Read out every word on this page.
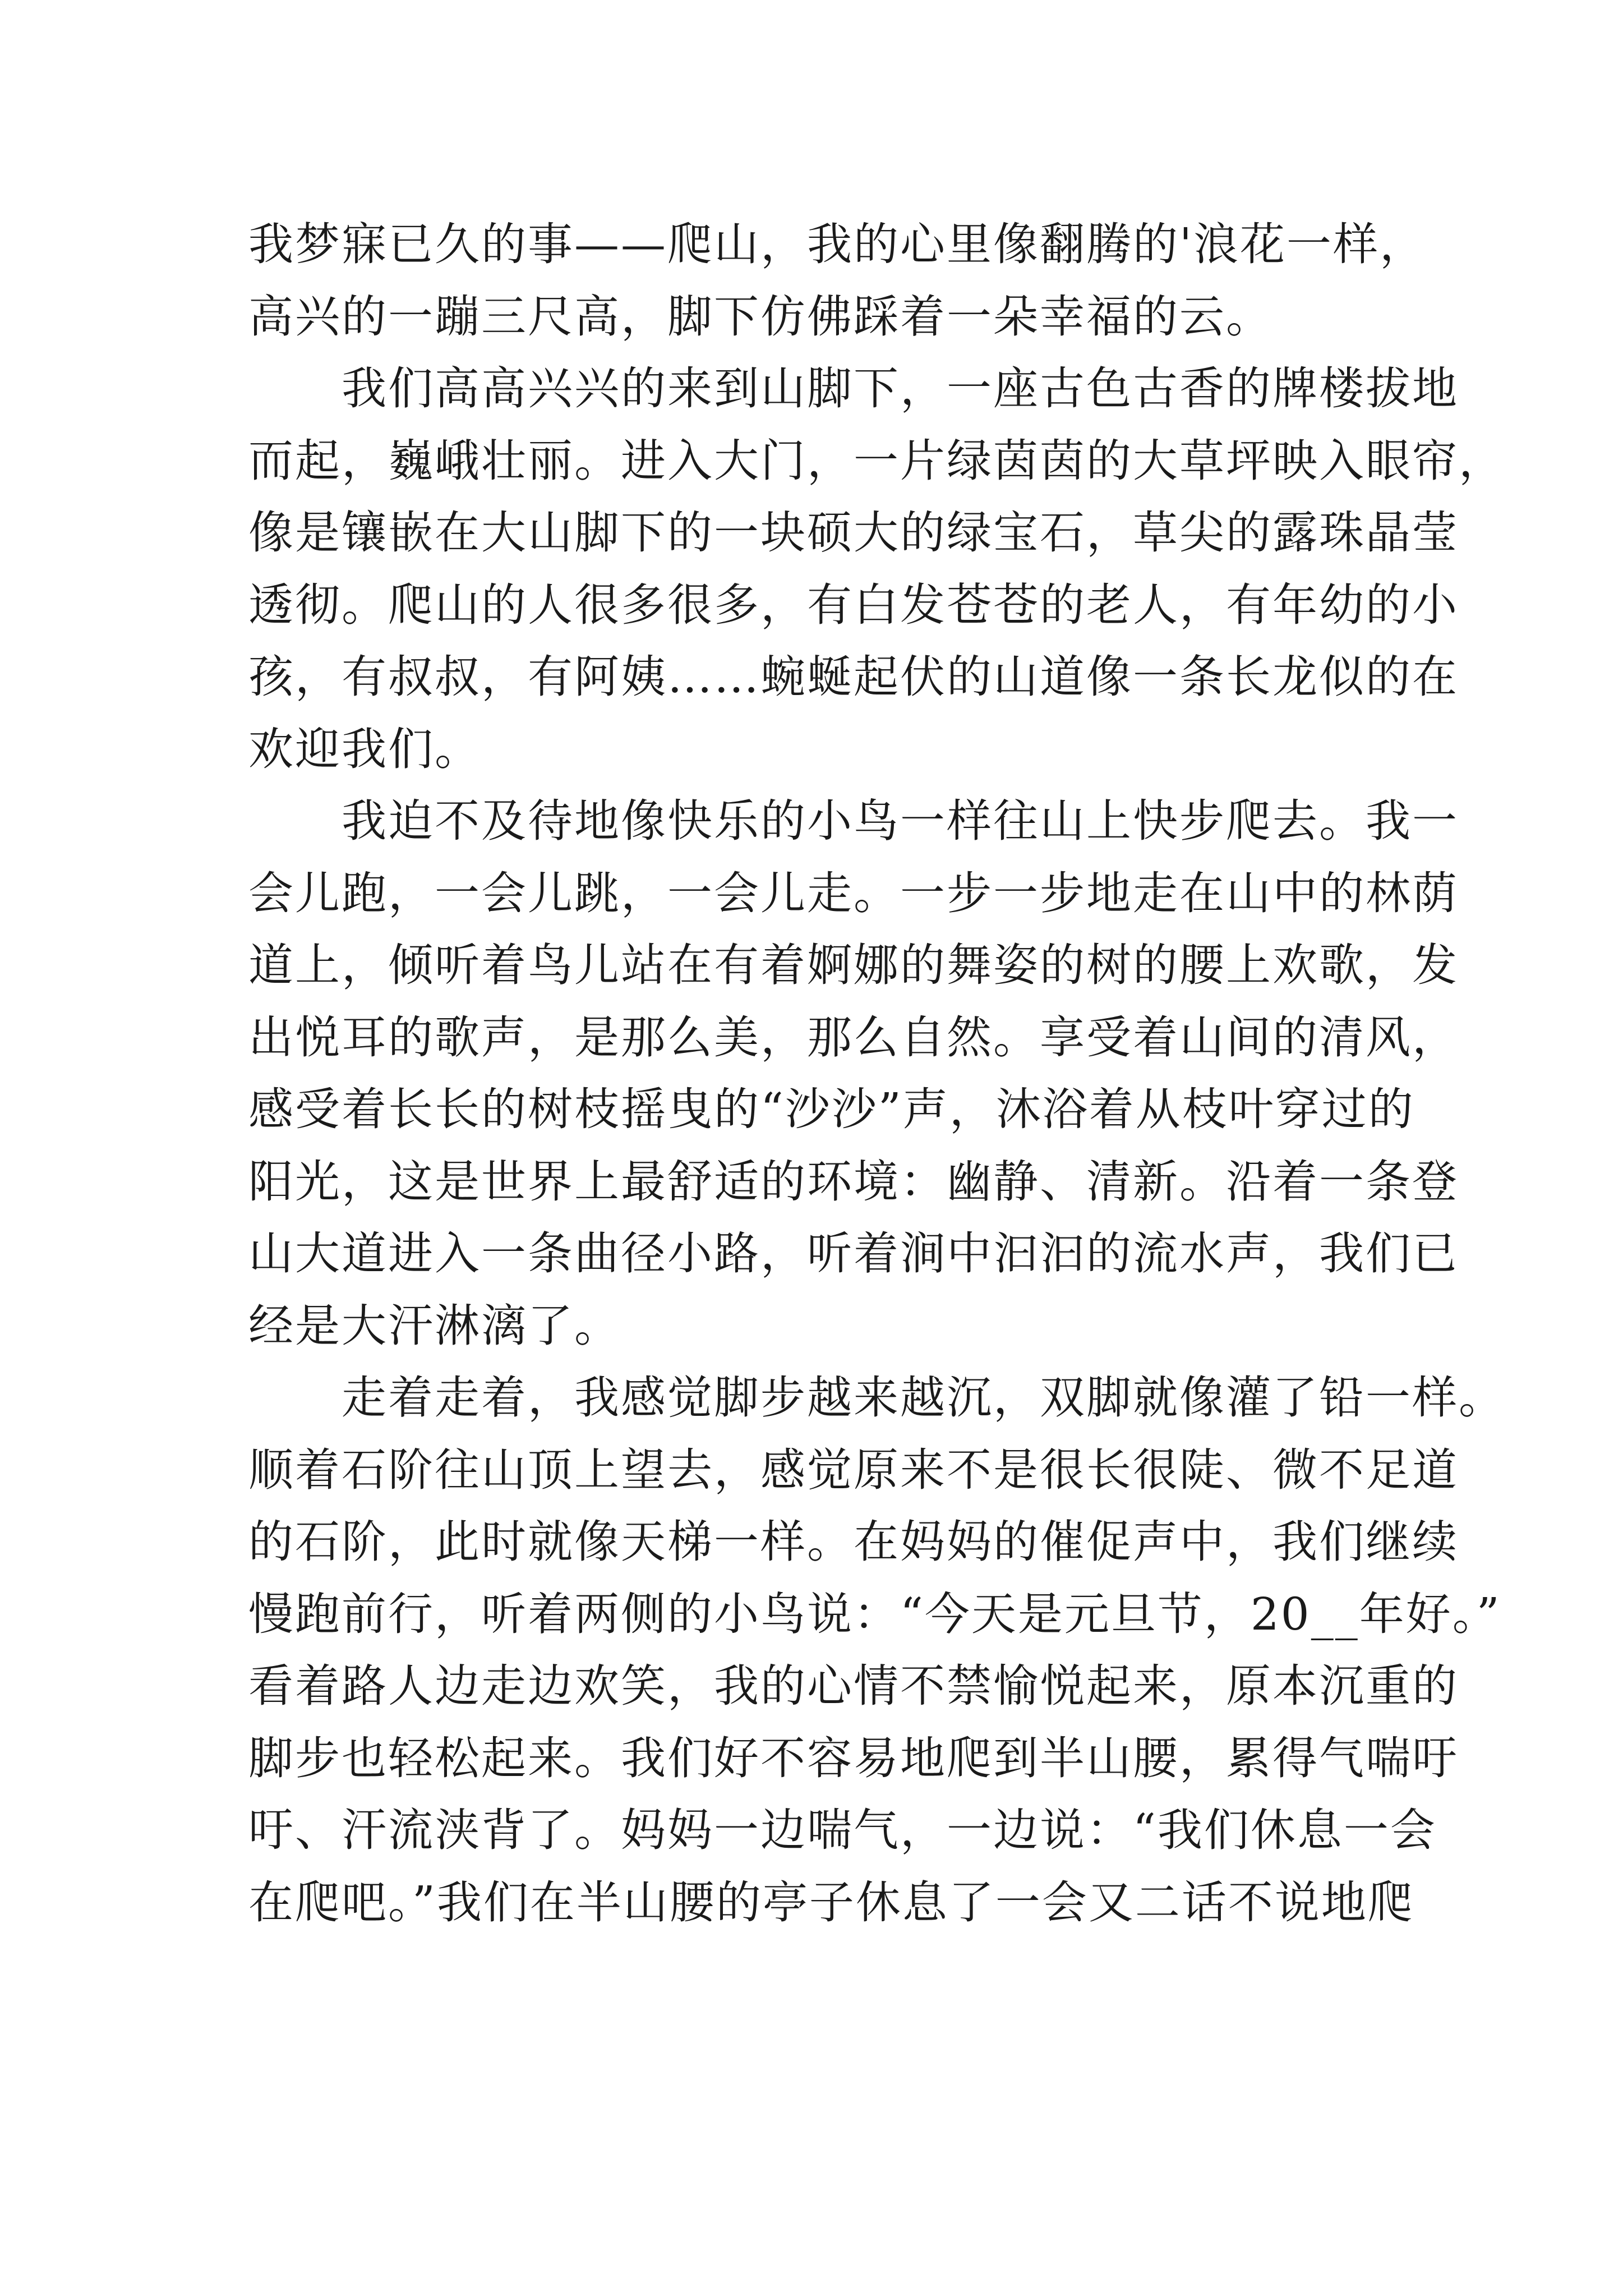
我梦寐已久的事——爬山，我的心里像翻腾的'浪花一样，
高兴的一蹦三尺高，脚下仿佛踩着一朵幸福的云。
　　我们高高兴兴的来到山脚下，一座古色古香的牌楼拔地
而起，巍峨壮丽。进入大门，一片绿茵茵的大草坪映入眼帘，
像是镶嵌在大山脚下的一块硕大的绿宝石，草尖的露珠晶莹
透彻。爬山的人很多很多，有白发苍苍的老人，有年幼的小
孩，有叔叔，有阿姨……蜿蜒起伏的山道像一条长龙似的在
欢迎我们。
　　我迫不及待地像快乐的小鸟一样往山上快步爬去。我一
会儿跑，一会儿跳，一会儿走。一步一步地走在山中的林荫
道上，倾听着鸟儿站在有着婀娜的舞姿的树的腰上欢歌，发
出悦耳的歌声，是那么美，那么自然。享受着山间的清风，
感受着长长的树枝摇曳的“沙沙”声，沐浴着从枝叶穿过的
阳光，这是世界上最舒适的环境：幽静、清新。沿着一条登
山大道进入一条曲径小路，听着涧中汩汩的流水声，我们已
经是大汗淋漓了。
　　走着走着，我感觉脚步越来越沉，双脚就像灌了铅一样。
顺着石阶往山顶上望去，感觉原来不是很长很陡、微不足道
的石阶，此时就像天梯一样。在妈妈的催促声中，我们继续
慢跑前行，听着两侧的小鸟说：“今天是元旦节，20__年好。”
看着路人边走边欢笑，我的心情不禁愉悦起来，原本沉重的
脚步也轻松起来。我们好不容易地爬到半山腰，累得气喘吁
吁、汗流浃背了。妈妈一边喘气，一边说：“我们休息一会
在爬吧。”我们在半山腰的亭子休息了一会又二话不说地爬
